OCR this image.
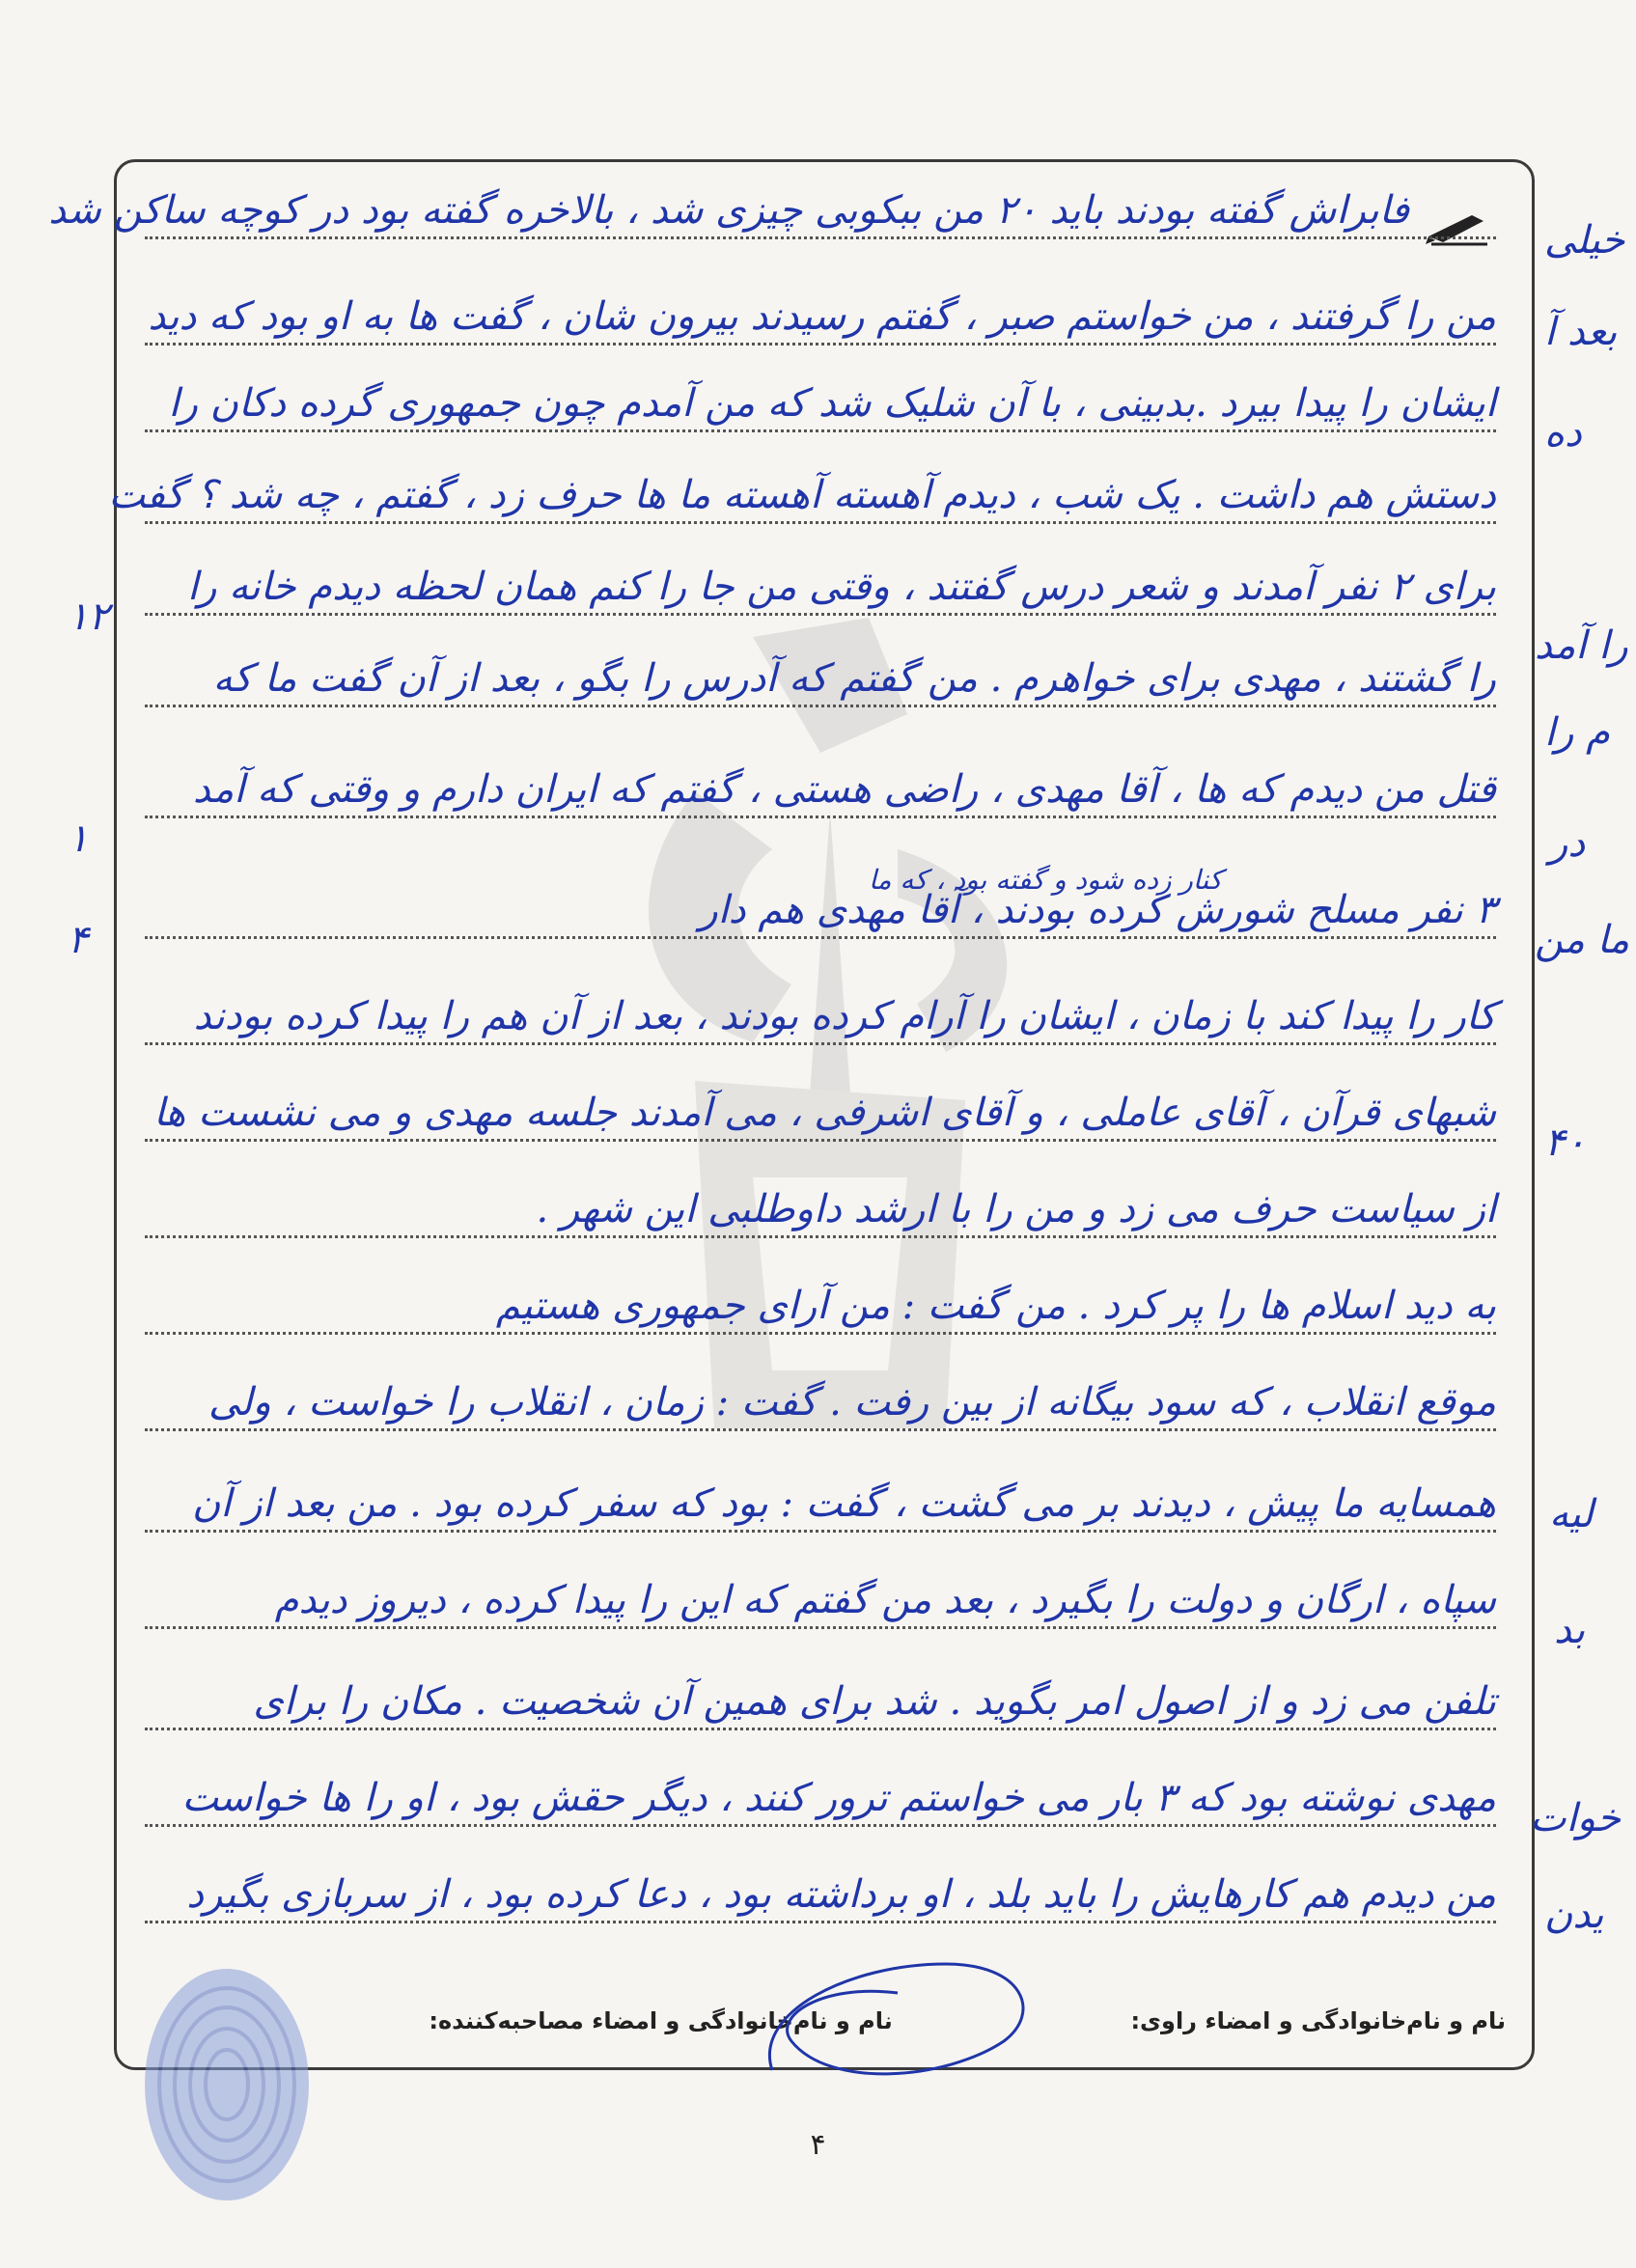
فابراش گفته بودند باید ۲۰ من ببکوبی چیزی شد ، بالاخره گفته بود در کوچه ساکن شد
من را گرفتند ، من خواستم صبر ، گفتم رسیدند بیرون شان ، گفت ها به او بود که دید
ایشان را پیدا بیرد .بدبینی ، با آن شلیک شد که من آمدم چون جمهوری گرده دکان را
دستش هم داشت . یک شب ، دیدم آهسته آهسته ما ها حرف زد ، گفتم ، چه شد ؟ گفت
برای ۲ نفر آمدند و شعر درس گفتند ، وقتی من جا را کنم همان لحظه دیدم خانه را
را گشتند ، مهدی برای خواهرم . من گفتم که آدرس را بگو ، بعد از آن گفت ما که
قتل من دیدم که ها ، آقا مهدی ، راضی هستی ، گفتم که ایران دارم و وقتی که آمد
۳ نفر مسلح شورش کرده بودند ، آقا مهدی هم دار
کار را پیدا کند با زمان ، ایشان را آرام کرده بودند ، بعد از آن هم را پیدا کرده بودند
شبهای قرآن ، آقای عاملی ، و آقای اشرفی ، می آمدند جلسه مهدی و می نشست ها
از سیاست حرف می زد و من را با ارشد داوطلبی این شهر .
به دید اسلام ها را پر کرد . من گفت : من آرای جمهوری هستیم
موقع انقلاب ، که سود بیگانه از بین رفت . گفت : زمان ، انقلاب را خواست ، ولی
همسایه ما پیش ، دیدند بر می گشت ، گفت : بود که سفر کرده بود . من بعد از آن
سپاه ، ارگان و دولت را بگیرد ، بعد من گفتم که این را پیدا کرده ، دیروز دیدم
تلفن می زد و از اصول امر بگوید . شد برای همین آن شخصیت . مکان را برای
مهدی نوشته بود که ۳ بار می خواستم ترور کنند ، دیگر حقش بود ، او را ها خواست
من دیدم هم کارهایش را باید بلد ، او برداشته بود ، دعا کرده بود ، از سربازی بگیرد
کنار زده شود و گفته بود ، که ما
خیلی
بعد آ
ده
را آمد
م را
در
ما من
۴۰
لیه
بد
خوات
یدن
۱۲
۱
۴
نام و نام‌خانوادگی و امضاء راوی:  نام و نام‌خانوادگی و امضاء مصاحبه‌کننده:
۴
